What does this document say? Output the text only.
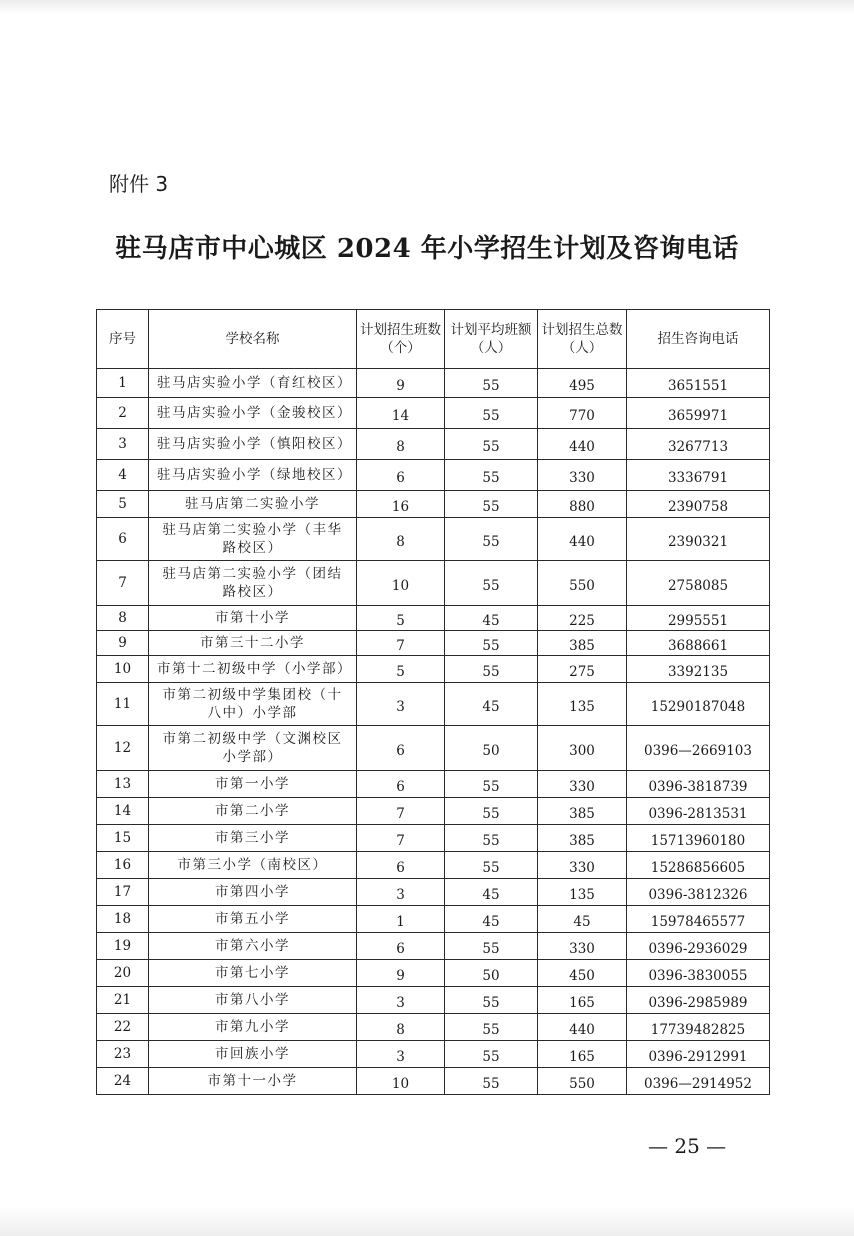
附件 3
驻马店市中心城区 2024 年小学招生计划及咨询电话
序号	学校名称	计划招生班数（个）	计划平均班额（人）	计划招生总数（人）	招生咨询电话
1	驻马店实验小学（育红校区）	9	55	495	3651551
2	驻马店实验小学（金骏校区）	14	55	770	3659971
3	驻马店实验小学（慎阳校区）	8	55	440	3267713
4	驻马店实验小学（绿地校区）	6	55	330	3336791
5	驻马店第二实验小学	16	55	880	2390758
6	驻马店第二实验小学（丰华路校区）	8	55	440	2390321
7	驻马店第二实验小学（团结路校区）	10	55	550	2758085
8	市第十小学	5	45	225	2995551
9	市第三十二小学	7	55	385	3688661
10	市第十二初级中学（小学部）	5	55	275	3392135
11	市第二初级中学集团校（十八中）小学部	3	45	135	15290187048
12	市第二初级中学（文渊校区小学部）	6	50	300	0396—2669103
13	市第一小学	6	55	330	0396-3818739
14	市第二小学	7	55	385	0396-2813531
15	市第三小学	7	55	385	15713960180
16	市第三小学（南校区）	6	55	330	15286856605
17	市第四小学	3	45	135	0396-3812326
18	市第五小学	1	45	45	15978465577
19	市第六小学	6	55	330	0396-2936029
20	市第七小学	9	50	450	0396-3830055
21	市第八小学	3	55	165	0396-2985989
22	市第九小学	8	55	440	17739482825
23	市回族小学	3	55	165	0396-2912991
24	市第十一小学	10	55	550	0396—2914952
— 25 —
